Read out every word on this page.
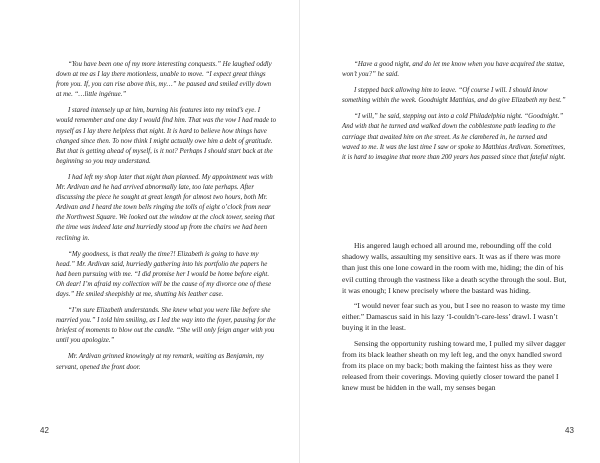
“You have been one of my more interesting conquests.” He laughed oddly down at me as I lay there motionless, unable to move. “I expect great things from you. If, you can rise above this, my…” he paused and smiled evilly down at me. “…little ingénue.”

I stared intensely up at him, burning his features into my mind’s eye. I would remember and one day I would find him. That was the vow I had made to myself as I lay there helpless that night. It is hard to believe how things have changed since then. To now think I might actually owe him a debt of gratitude. But that is getting ahead of myself, is it not? Perhaps I should start back at the beginning so you may understand.

I had left my shop later that night than planned. My appointment was with Mr. Ardivan and he had arrived abnormally late, too late perhaps. After discussing the piece he sought at great length for almost two hours, both Mr. Ardivan and I heard the town bells ringing the tolls of eight o’clock from near the Northwest Square. We looked out the window at the clock tower, seeing that the time was indeed late and hurriedly stood up from the chairs we had been reclining in.

“My goodness, is that really the time?! Elizabeth is going to have my head.” Mr. Ardivan said, hurriedly gathering into his portfolio the papers he had been pursuing with me. “I did promise her I would be home before eight. Oh dear! I’m afraid my collection will be the cause of my divorce one of these days.” He smiled sheepishly at me, shutting his leather case.

“I’m sure Elizabeth understands. She knew what you were like before she married you.” I told him smiling, as I led the way into the foyer, pausing for the briefest of moments to blow out the candle. “She will only feign anger with you until you apologize.”

Mr. Ardivan grinned knowingly at my remark, waiting as Benjamin, my servant, opened the front door.

42

“Have a good night, and do let me know when you have acquired the statue, won’t you?” he said.

I stepped back allowing him to leave. “Of course I will. I should know something within the week. Goodnight Matthias, and do give Elizabeth my best.”

“I will,” he said, stepping out into a cold Philadelphia night. “Goodnight.” And with that he turned and walked down the cobblestone path leading to the carriage that awaited him on the street. As he clambered in, he turned and waved to me. It was the last time I saw or spoke to Matthias Ardivan. Sometimes, it is hard to imagine that more than 200 years has passed since that fateful night.

His angered laugh echoed all around me, rebounding off the cold shadowy walls, assaulting my sensitive ears. It was as if there was more than just this one lone coward in the room with me, hiding; the din of his evil cutting through the vastness like a death scythe through the soul. But, it was enough; I knew precisely where the bastard was hiding.

“I would never fear such as you, but I see no reason to waste my time either.” Damascus said in his lazy ‘I-couldn’t-care-less’ drawl. I wasn’t buying it in the least.

Sensing the opportunity rushing toward me, I pulled my silver dagger from its black leather sheath on my left leg, and the onyx handled sword from its place on my back; both making the faintest hiss as they were released from their coverings. Moving quietly closer toward the panel I knew must be hidden in the wall, my senses began

43
